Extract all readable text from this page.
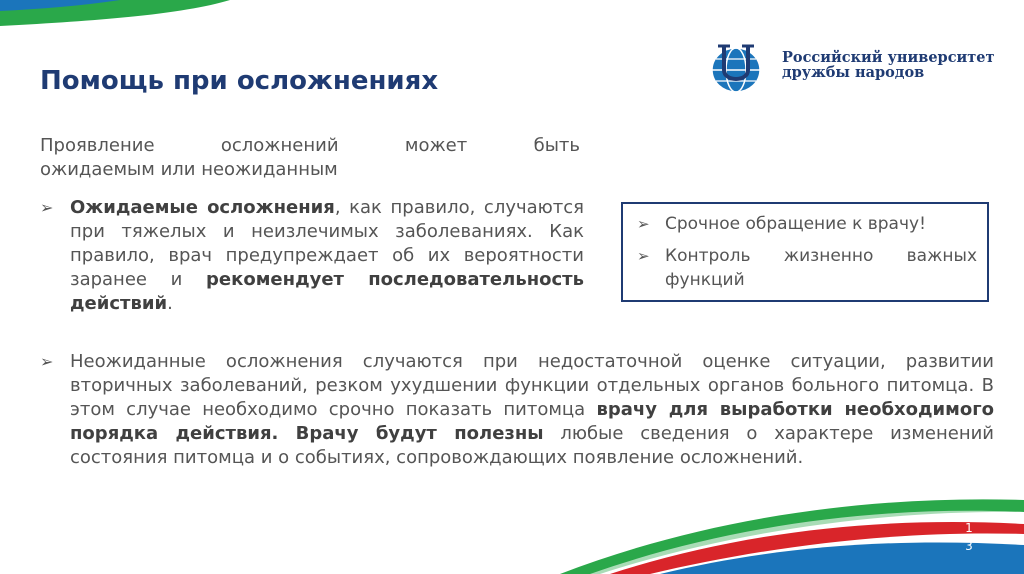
Помощь при осложнениях
Российский университет
дружбы народов

Проявление осложнений может быть
ожидаемым или неожиданным

➢ Ожидаемые осложнения, как правило, случаются при тяжелых и неизлечимых заболеваниях. Как правило, врач предупреждает об их вероятности заранее и рекомендует последовательность действий.
➢ Срочное обращение к врачу!
➢ Контроль жизненно важных функций
➢ Неожиданные осложнения случаются при недостаточной оценке ситуации, развитии вторичных заболеваний, резком ухудшении функции отдельных органов больного питомца. В этом случае необходимо срочно показать питомца врачу для выработки необходимого порядка действия. Врачу будут полезны любые сведения о характере изменений состояния питомца и о событиях, сопровождающих появление осложнений.
1
3
